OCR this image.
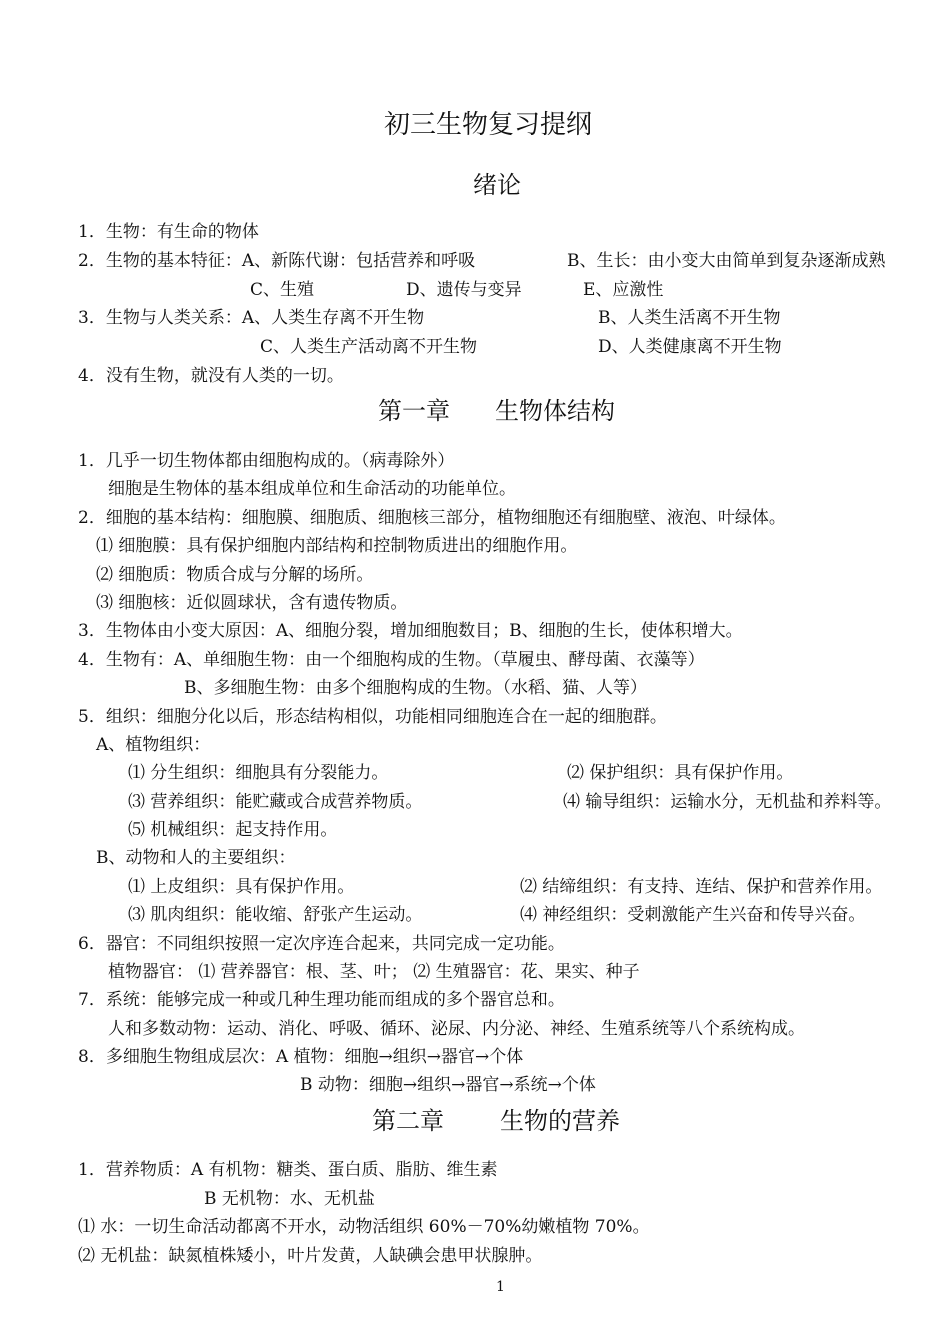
初三生物复习提纲
绪论
1．生物：有生命的物体
2．生物的基本特征：A、新陈代谢：包括营养和呼吸	B、生长：由小变大由简单到复杂逐渐成熟
C、生殖	D、遗传与变异	E、应激性
3．生物与人类关系：A、人类生存离不开生物	B、人类生活离不开生物
C、人类生产活动离不开生物	D、人类健康离不开生物
4．没有生物，就没有人类的一切。
第一章 生物体结构
1．几乎一切生物体都由细胞构成的。（病毒除外）
细胞是生物体的基本组成单位和生命活动的功能单位。
2．细胞的基本结构：细胞膜、细胞质、细胞核三部分，植物细胞还有细胞壁、液泡、叶绿体。
⑴ 细胞膜：具有保护细胞内部结构和控制物质进出的细胞作用。
⑵ 细胞质：物质合成与分解的场所。
⑶ 细胞核：近似圆球状，含有遗传物质。
3．生物体由小变大原因：A、细胞分裂，增加细胞数目；B、细胞的生长，使体积增大。
4．生物有：A、单细胞生物：由一个细胞构成的生物。（草履虫、酵母菌、衣藻等）
B、多细胞生物：由多个细胞构成的生物。（水稻、猫、人等）
5．组织：细胞分化以后，形态结构相似，功能相同细胞连合在一起的细胞群。
A、植物组织：
⑴ 分生组织：细胞具有分裂能力。	⑵ 保护组织：具有保护作用。
⑶ 营养组织：能贮藏或合成营养物质。	⑷ 输导组织：运输水分，无机盐和养料等。
⑸ 机械组织：起支持作用。
B、动物和人的主要组织：
⑴ 上皮组织：具有保护作用。	⑵ 结缔组织：有支持、连结、保护和营养作用。
⑶ 肌肉组织：能收缩、舒张产生运动。	⑷ 神经组织：受刺激能产生兴奋和传导兴奋。
6．器官：不同组织按照一定次序连合起来，共同完成一定功能。
植物器官： ⑴ 营养器官：根、茎、叶； ⑵ 生殖器官：花、果实、种子
7．系统：能够完成一种或几种生理功能而组成的多个器官总和。
人和多数动物：运动、消化、呼吸、循环、泌尿、内分泌、神经、生殖系统等八个系统构成。
8．多细胞生物组成层次：A 植物：细胞→组织→器官→个体
B 动物：细胞→组织→器官→系统→个体
第二章 生物的营养
1．营养物质：A 有机物：糖类、蛋白质、脂肪、维生素
B 无机物：水、无机盐
⑴ 水：一切生命活动都离不开水，动物活组织 60%－70%幼嫩植物 70%。
⑵ 无机盐：缺氮植株矮小，叶片发黄，人缺碘会患甲状腺肿。
1
